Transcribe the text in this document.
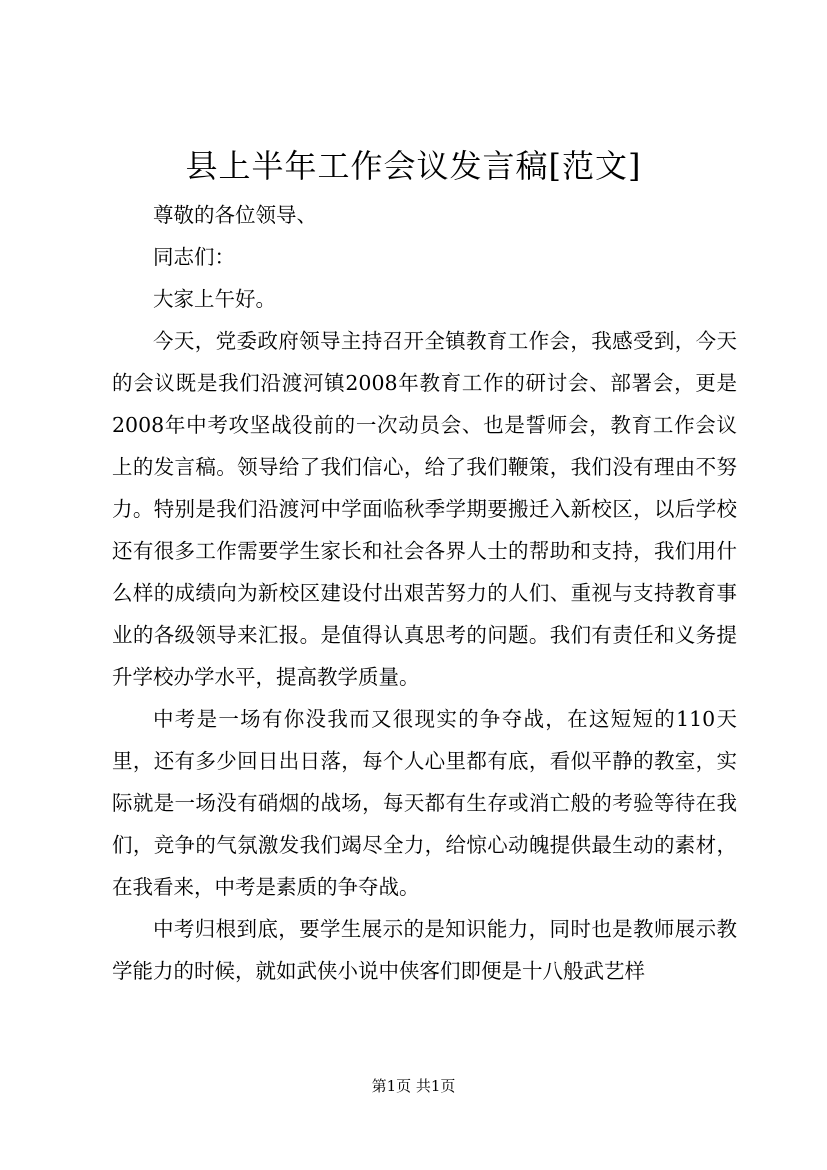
县上半年工作会议发言稿[范文]

尊敬的各位领导、

同志们：

大家上午好。

今天，党委政府领导主持召开全镇教育工作会，我感受到，今天的会议既是我们沿渡河镇2008年教育工作的研讨会、部署会，更是2008年中考攻坚战役前的一次动员会、也是誓师会，教育工作会议上的发言稿。领导给了我们信心，给了我们鞭策，我们没有理由不努力。特别是我们沿渡河中学面临秋季学期要搬迁入新校区，以后学校还有很多工作需要学生家长和社会各界人士的帮助和支持，我们用什么样的成绩向为新校区建设付出艰苦努力的人们、重视与支持教育事业的各级领导来汇报。是值得认真思考的问题。我们有责任和义务提升学校办学水平，提高教学质量。

中考是一场有你没我而又很现实的争夺战，在这短短的110天里，还有多少回日出日落，每个人心里都有底，看似平静的教室，实际就是一场没有硝烟的战场，每天都有生存或消亡般的考验等待在我们，竞争的气氛激发我们竭尽全力，给惊心动魄提供最生动的素材，在我看来，中考是素质的争夺战。

中考归根到底，要学生展示的是知识能力，同时也是教师展示教学能力的时候，就如武侠小说中侠客们即便是十八般武艺样

第1页 共1页
